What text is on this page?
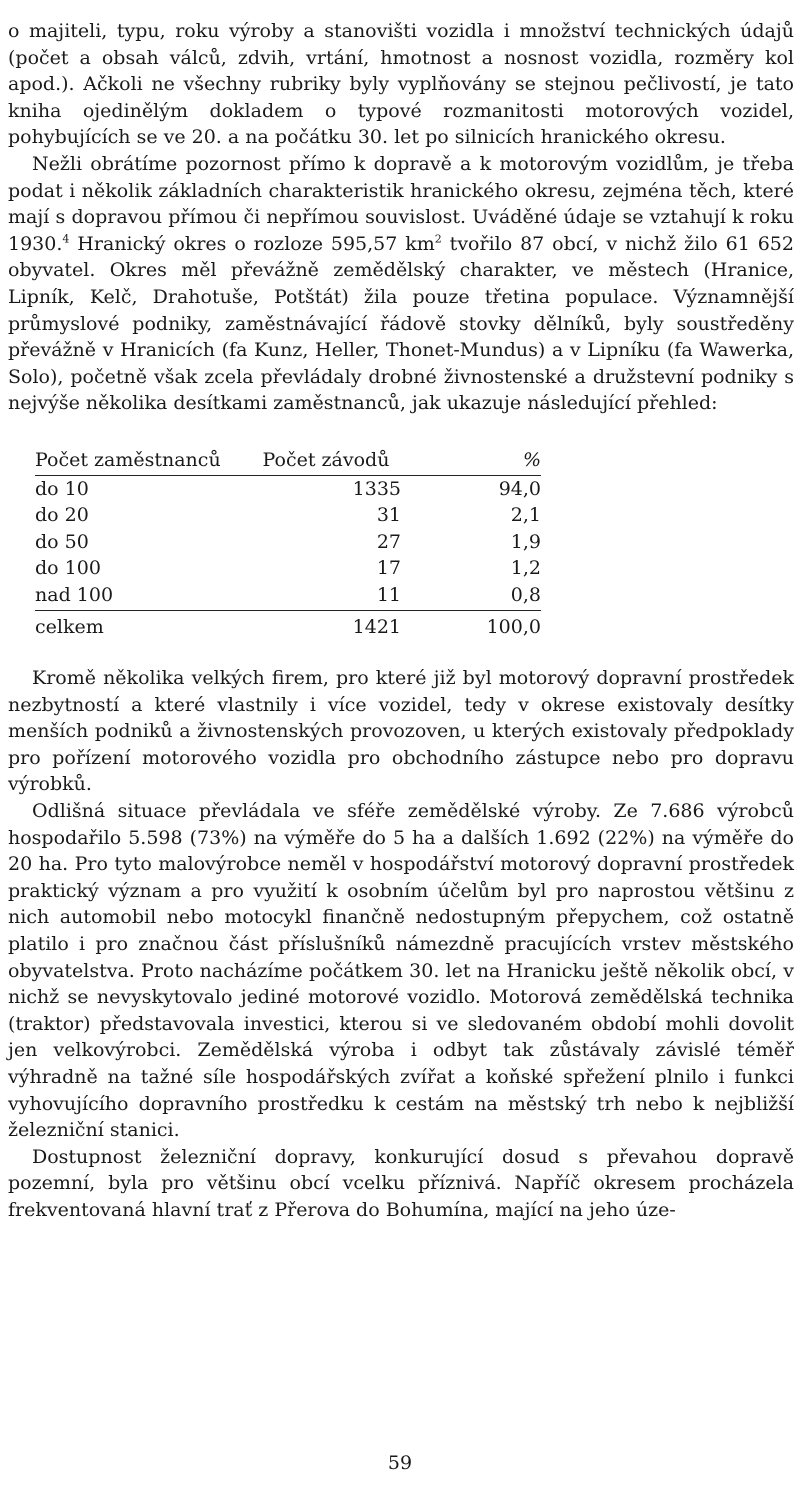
o majiteli, typu, roku výroby a stanovišti vozidla i množství technických údajů (počet a obsah válců, zdvih, vrtání, hmotnost a nosnost vozidla, rozměry kol apod.). Ačkoli ne všechny rubriky byly vyplňovány se stejnou pečlivostí, je tato kniha ojedinělým dokladem o typové rozmanitosti motorových vozidel, pohybujících se ve 20. a na počátku 30. let po silnicích hranického okresu.

Nežli obrátíme pozornost přímo k dopravě a k motorovým vozidlům, je třeba podat i několik základních charakteristik hranického okresu, zejména těch, které mají s dopravou přímou či nepřímou souvislost. Uváděné údaje se vztahují k roku 1930.$^4$ Hranický okres o rozloze 595,57 $km^2$ tvořilo 87 obcí, v nichž žilo 61 652 obyvatel. Okres měl převážně zemědělský charakter, ve městech (Hranice, Lipník, Kelč, Drahotuše, Potštát) žila pouze třetina populace. Významnější průmyslové podniky, zaměstnávající řádově stovky dělníků, byly soustředěny převážně v Hranicích (fa Kunz, Heller, Thonet-Mundus) a v Lipníku (fa Wawerka, Solo), početně však zcela převládaly drobné živnostenské a družstevní podniky s nejvýše několika desítkami zaměstnanců, jak ukazuje následující přehled:

Počet zaměstnanců	Počet závodů	%
do 10	1335	94,0
do 20	31	2,1
do 50	27	1,9
do 100	17	1,2
nad 100	11	0,8
celkem	1421	100,0

Kromě několika velkých firem, pro které již byl motorový dopravní prostředek nezbytností a které vlastnily i více vozidel, tedy v okrese existovaly desítky menších podniků a živnostenských provozoven, u kterých existovaly předpoklady pro pořízení motorového vozidla pro obchodního zástupce nebo pro dopravu výrobků.

Odlišná situace převládala ve sféře zemědělské výroby. Ze 7.686 výrobců hospodařilo 5.598 (73%) na výměře do 5 ha a dalších 1.692 (22%) na výměře do 20 ha. Pro tyto malovýrobce neměl v hospodářství motorový dopravní prostředek praktický význam a pro využití k osobním účelům byl pro naprostou většinu z nich automobil nebo motocykl finančně nedostupným přepychem, což ostatně platilo i pro značnou část příslušníků námezdně pracujících vrstev městského obyvatelstva. Proto nacházíme počátkem 30. let na Hranicku ještě několik obcí, v nichž se nevyskytovalo jediné motorové vozidlo. Motorová zemědělská technika (traktor) představovala investici, kterou si ve sledovaném období mohli dovolit jen velkovýrobci. Zemědělská výroba i odbyt tak zůstávaly závislé téměř výhradně na tažné síle hospodářských zvířat a koňské spřežení plnilo i funkci vyhovujícího dopravního prostředku k cestám na městský trh nebo k nejbližší železniční stanici.

Dostupnost železniční dopravy, konkurující dosud s převahou dopravě pozemní, byla pro většinu obcí vcelku příznivá. Napříč okresem procházela frekventovaná hlavní trať z Přerova do Bohumína, mající na jeho úze-

59
